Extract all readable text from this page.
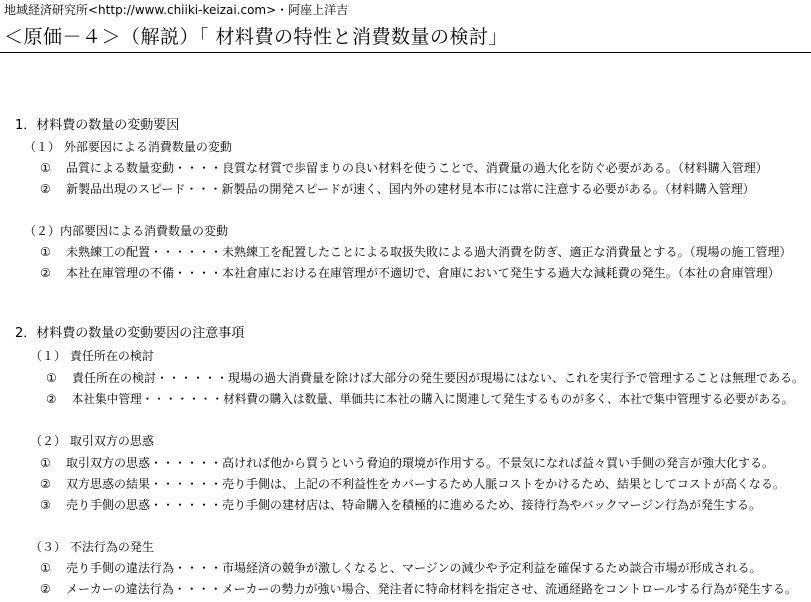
地域経済研究所<http://www.chiiki-keizai.com>・阿座上洋吉
＜原価－４＞（解説）「 材料費の特性と消費数量の検討」
1．材料費の数量の変動要因
（１） 外部要因による消費数量の変動
① 品質による数量変動・・・・良質な材質で歩留まりの良い材料を使うことで、消費量の過大化を防ぐ必要がある。（材料購入管理）
② 新製品出現のスピード・・・新製品の開発スピードが速く、国内外の建材見本市には常に注意する必要がある。（材料購入管理）
（２）内部要因による消費数量の変動
① 未熟練工の配置・・・・・・未熟練工を配置したことによる取扱失敗による過大消費を防ぎ、適正な消費量とする。（現場の施工管理）
② 本社在庫管理の不備・・・・本社倉庫における在庫管理が不適切で、倉庫において発生する過大な減耗費の発生。（本社の倉庫管理）
2．材料費の数量の変動要因の注意事項
（１） 責任所在の検討
① 責任所在の検討・・・・・・現場の過大消費量を除けば大部分の発生要因が現場にはない、これを実行予で管理することは無理である。
② 本社集中管理・・・・・・・材料費の購入は数量、単価共に本社の購入に関連して発生するものが多く、本社で集中管理する必要がある。
（２） 取引双方の思惑
① 取引双方の思惑・・・・・・高ければ他から買うという脅迫的環境が作用する。不景気になれば益々買い手側の発言が強大化する。
② 双方思惑の結果・・・・・・売り手側は、上記の不利益性をカバーするため人脈コストをかけるため、結果としてコストが高くなる。
③ 売り手側の思惑・・・・・・売り手側の建材店は、特命購入を積極的に進めるため、接待行為やバックマージン行為が発生する。
（３） 不法行為の発生
① 売り手側の違法行為・・・・市場経済の競争が激しくなると、マージンの減少や予定利益を確保するため談合市場が形成される。
② メーカーの違法行為・・・・メーカーの勢力が強い場合、発注者に特命材料を指定させ、流通経路をコントロールする行為が発生する。
